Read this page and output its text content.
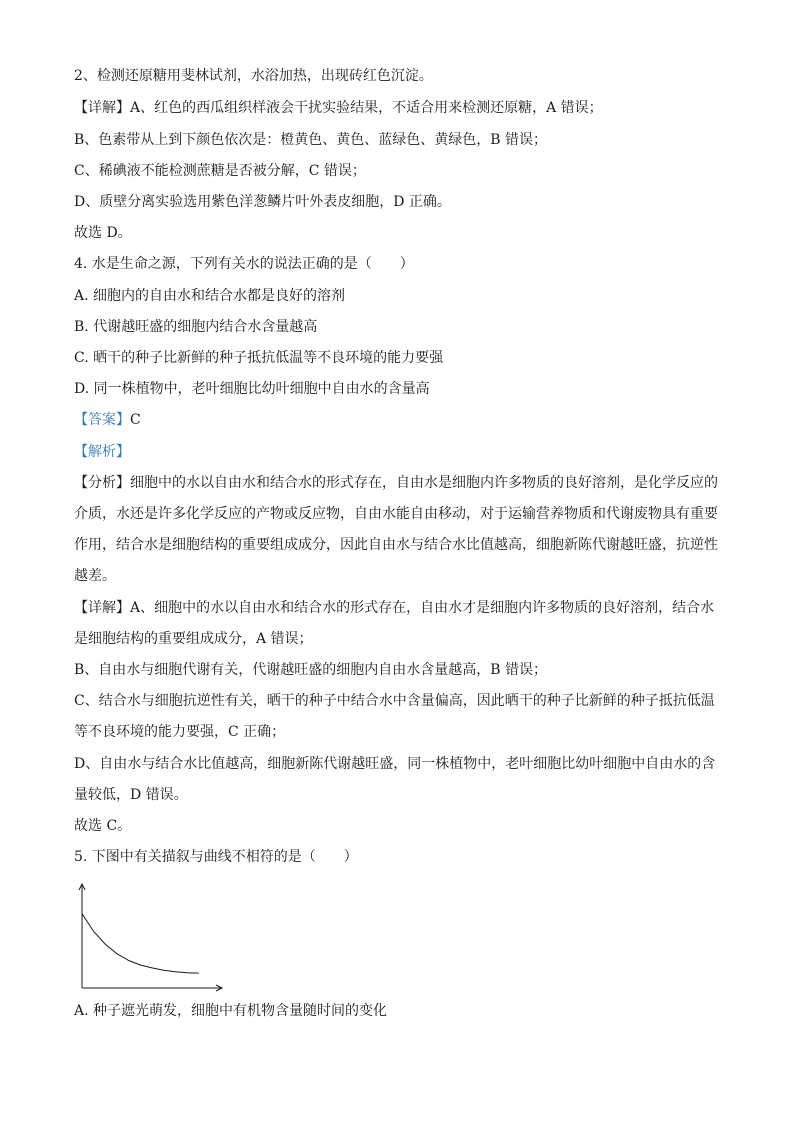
2、检测还原糖用斐林试剂，水浴加热，出现砖红色沉淀。
【详解】A、红色的西瓜组织样液会干扰实验结果，不适合用来检测还原糖，A 错误；
B、色素带从上到下颜色依次是：橙黄色、黄色、蓝绿色、黄绿色，B 错误；
C、稀碘液不能检测蔗糖是否被分解，C 错误；
D、质壁分离实验选用紫色洋葱鳞片叶外表皮细胞，D 正确。
故选 D。
4. 水是生命之源，下列有关水的说法正确的是（　　）
A. 细胞内的自由水和结合水都是良好的溶剂
B. 代谢越旺盛的细胞内结合水含量越高
C. 晒干的种子比新鲜的种子抵抗低温等不良环境的能力要强
D. 同一株植物中，老叶细胞比幼叶细胞中自由水的含量高
【答案】C
【解析】
【分析】细胞中的水以自由水和结合水的形式存在，自由水是细胞内许多物质的良好溶剂，是化学反应的
介质，水还是许多化学反应的产物或反应物，自由水能自由移动，对于运输营养物质和代谢废物具有重要
作用，结合水是细胞结构的重要组成成分，因此自由水与结合水比值越高，细胞新陈代谢越旺盛，抗逆性
越差。
【详解】A、细胞中的水以自由水和结合水的形式存在，自由水才是细胞内许多物质的良好溶剂，结合水
是细胞结构的重要组成成分，A 错误；
B、自由水与细胞代谢有关，代谢越旺盛的细胞内自由水含量越高，B 错误；
C、结合水与细胞抗逆性有关，晒干的种子中结合水中含量偏高，因此晒干的种子比新鲜的种子抵抗低温
等不良环境的能力要强，C 正确；
D、自由水与结合水比值越高，细胞新陈代谢越旺盛，同一株植物中，老叶细胞比幼叶细胞中自由水的含
量较低，D 错误。
故选 C。
5. 下图中有关描叙与曲线不相符的是（　　）
A. 种子遮光萌发，细胞中有机物含量随时间的变化
